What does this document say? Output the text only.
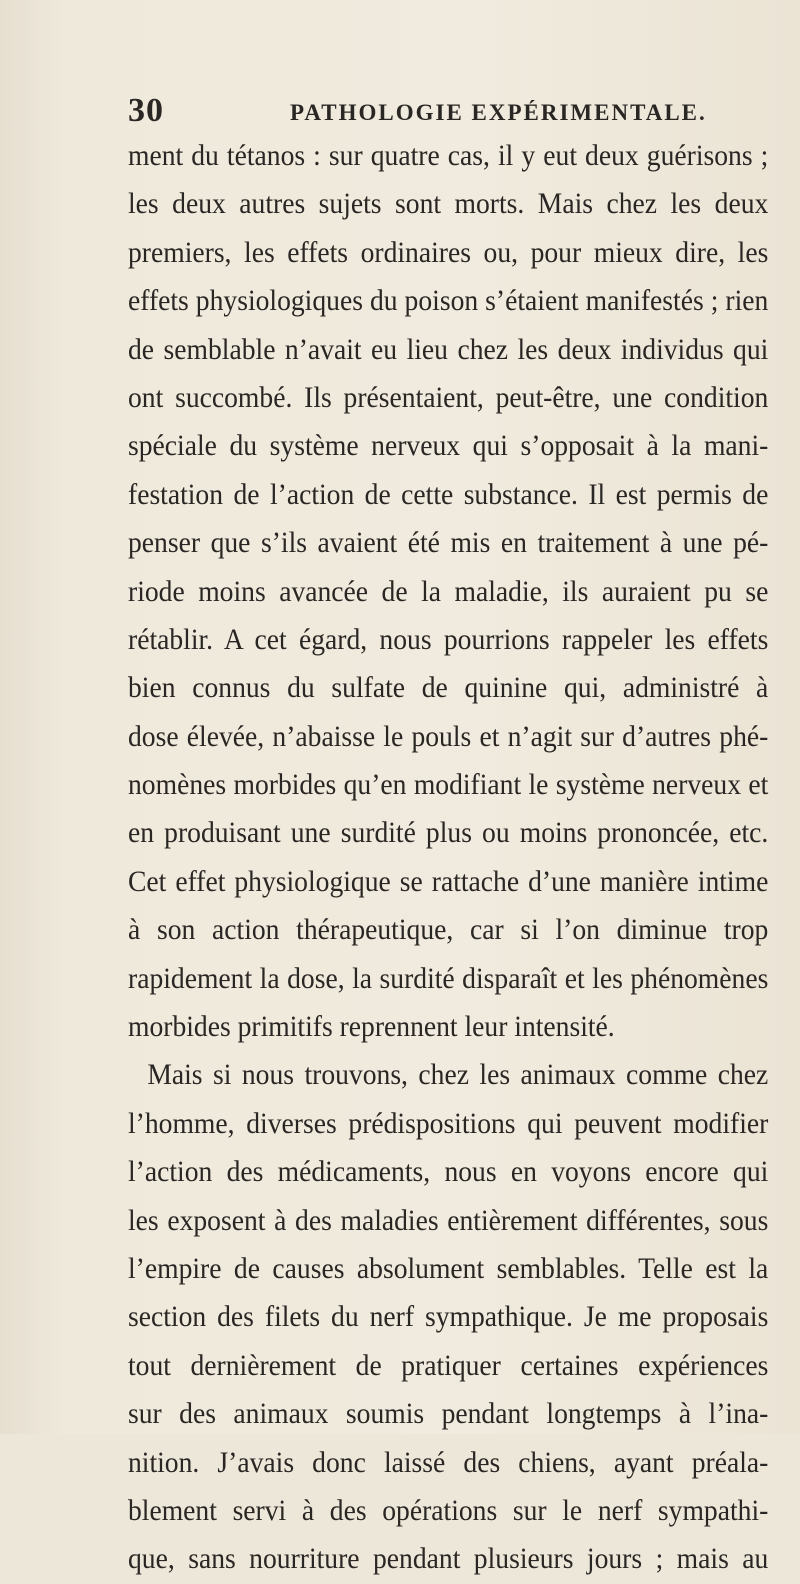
30	PATHOLOGIE EXPÉRIMENTALE.
ment du tétanos : sur quatre cas, il y eut deux guérisons ;
les deux autres sujets sont morts. Mais chez les deux
premiers, les effets ordinaires ou, pour mieux dire, les
effets physiologiques du poison s’étaient manifestés ; rien
de semblable n’avait eu lieu chez les deux individus qui
ont succombé. Ils présentaient, peut-être, une condition
spéciale du système nerveux qui s’opposait à la mani-
festation de l’action de cette substance. Il est permis de
penser que s’ils avaient été mis en traitement à une pé-
riode moins avancée de la maladie, ils auraient pu se
rétablir. A cet égard, nous pourrions rappeler les effets
bien connus du sulfate de quinine qui, administré à
dose élevée, n’abaisse le pouls et n’agit sur d’autres phé-
nomènes morbides qu’en modifiant le système nerveux et
en produisant une surdité plus ou moins prononcée, etc.
Cet effet physiologique se rattache d’une manière intime
à son action thérapeutique, car si l’on diminue trop
rapidement la dose, la surdité disparaît et les phénomènes
morbides primitifs reprennent leur intensité.
Mais si nous trouvons, chez les animaux comme chez
l’homme, diverses prédispositions qui peuvent modifier
l’action des médicaments, nous en voyons encore qui
les exposent à des maladies entièrement différentes, sous
l’empire de causes absolument semblables. Telle est la
section des filets du nerf sympathique. Je me proposais
tout dernièrement de pratiquer certaines expériences
sur des animaux soumis pendant longtemps à l’ina-
nition. J’avais donc laissé des chiens, ayant préala-
blement servi à des opérations sur le nerf sympathi-
que, sans nourriture pendant plusieurs jours ; mais au
